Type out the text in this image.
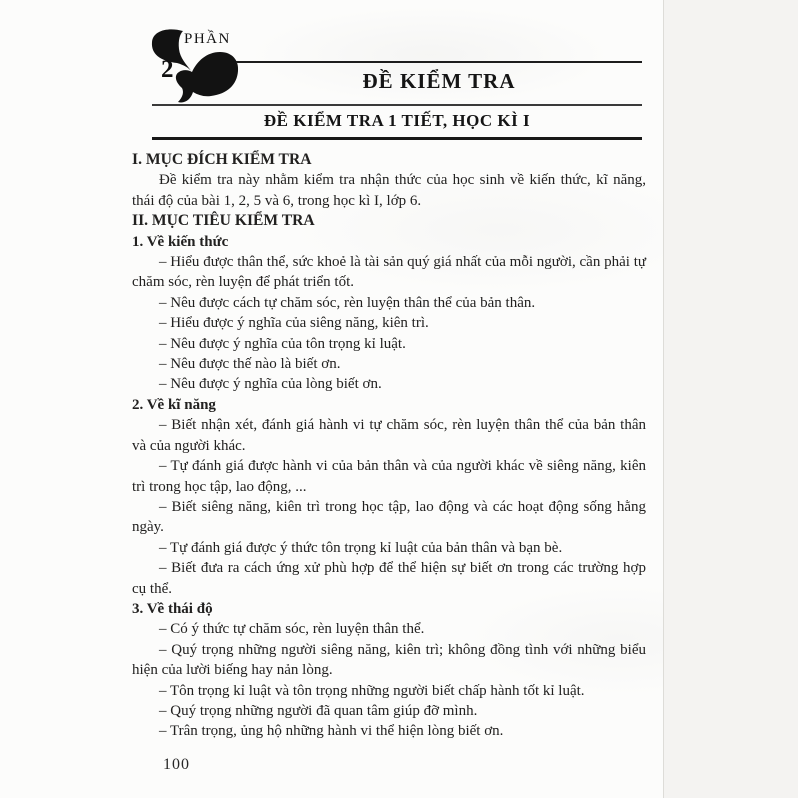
PHẦN
2	ĐỀ KIỂM TRA
ĐỀ KIỂM TRA 1 TIẾT, HỌC KÌ I

I. MỤC ĐÍCH KIỂM TRA

Đề kiểm tra này nhằm kiểm tra nhận thức của học sinh về kiến thức, kĩ năng, thái độ của bài 1, 2, 5 và 6, trong học kì I, lớp 6.

II. MỤC TIÊU KIỂM TRA

1. Về kiến thức

– Hiểu được thân thể, sức khoẻ là tài sản quý giá nhất của mỗi người, cần phải tự chăm sóc, rèn luyện để phát triển tốt.

– Nêu được cách tự chăm sóc, rèn luyện thân thể của bản thân.

– Hiểu được ý nghĩa của siêng năng, kiên trì.

– Nêu được ý nghĩa của tôn trọng kỉ luật.

– Nêu được thế nào là biết ơn.

– Nêu được ý nghĩa của lòng biết ơn.

2. Về kĩ năng

– Biết nhận xét, đánh giá hành vi tự chăm sóc, rèn luyện thân thể của bản thân và của người khác.

– Tự đánh giá được hành vi của bản thân và của người khác về siêng năng, kiên trì trong học tập, lao động, ...

– Biết siêng năng, kiên trì trong học tập, lao động và các hoạt động sống hằng ngày.

– Tự đánh giá được ý thức tôn trọng kỉ luật của bản thân và bạn bè.

– Biết đưa ra cách ứng xử phù hợp để thể hiện sự biết ơn trong các trường hợp cụ thể.

3. Về thái độ

– Có ý thức tự chăm sóc, rèn luyện thân thể.

– Quý trọng những người siêng năng, kiên trì; không đồng tình với những biểu hiện của lười biếng hay nản lòng.

– Tôn trọng kỉ luật và tôn trọng những người biết chấp hành tốt kỉ luật.

– Quý trọng những người đã quan tâm giúp đỡ mình.

– Trân trọng, ủng hộ những hành vi thể hiện lòng biết ơn.

100
